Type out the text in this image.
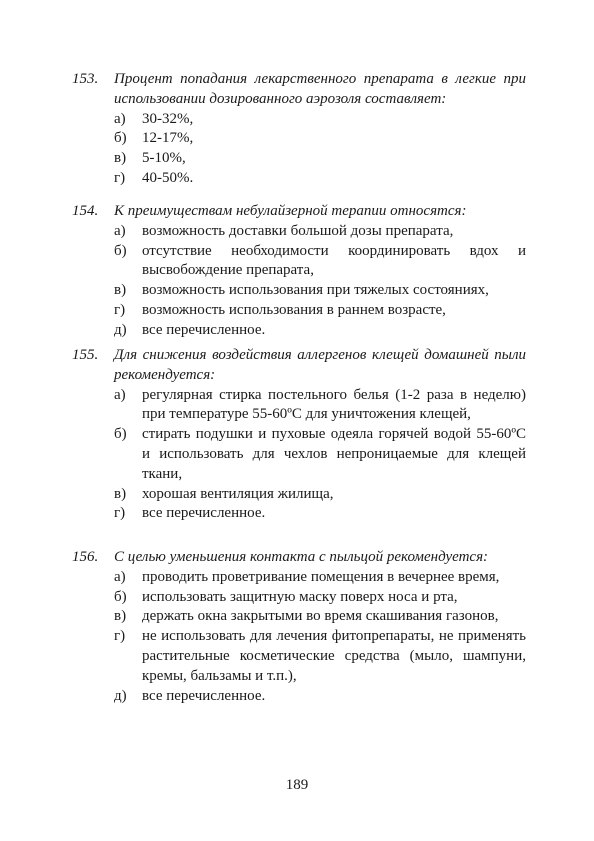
153.	Процент попадания лекарственного препарата в легкие при использовании дозированного аэрозоля составляет:
а)	30-32%,
б)	12-17%,
в)	5-10%,
г)	40-50%.
154.	К преимуществам небулайзерной терапии относятся:
а)	возможность доставки большой дозы препарата,
б)	отсутствие необходимости координировать вдох и высвобождение препарата,
в)	возможность использования при тяжелых состояниях,
г)	возможность использования в раннем возрасте,
д)	все перечисленное.
155.	Для снижения воздействия аллергенов клещей домашней пыли рекомендуется:
а)	регулярная стирка постельного белья (1-2 раза в неделю) при температуре 55-60ºС для уничтожения клещей,
б)	стирать подушки и пуховые одеяла горячей водой 55-60ºС и использовать для чехлов непроницаемые для клещей ткани,
в)	хорошая вентиляция жилища,
г)	все перечисленное.
156.	С целью уменьшения контакта с пыльцой рекомендуется:
а)	проводить проветривание помещения в вечернее время,
б)	использовать защитную маску поверх носа и рта,
в)	держать окна закрытыми во время скашивания газонов,
г)	не использовать для лечения фитопрепараты, не применять растительные косметические средства (мыло, шампуни, кремы, бальзамы и т.п.),
д)	все перечисленное.
189
